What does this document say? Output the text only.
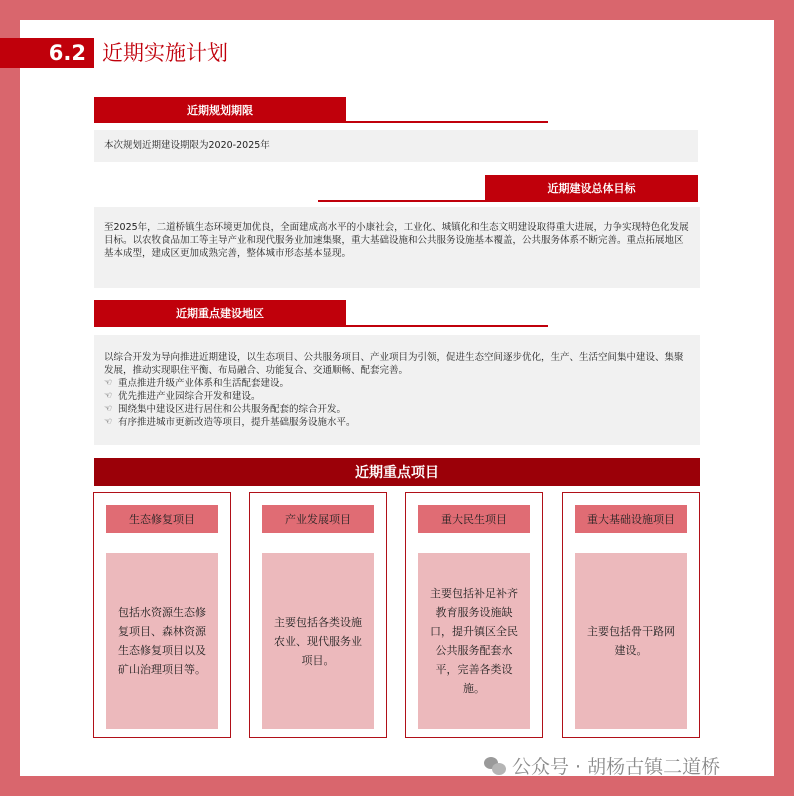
6.2 近期实施计划
近期规划期限
本次规划近期建设期限为2020-2025年
近期建设总体目标
至2025年，二道桥镇生态环境更加优良，全面建成高水平的小康社会，工业化、城镇化和生态文明建设取得重大进展，力争实现特色化发展目标。以农牧食品加工等主导产业和现代服务业加速集聚，重大基础设施和公共服务设施基本覆盖，公共服务体系不断完善。重点拓展地区基本成型，建成区更加成熟完善，整体城市形态基本显现。
近期重点建设地区
以综合开发为导向推进近期建设，以生态项目、公共服务项目、产业项目为引领，促进生态空间逐步优化，生产、生活空间集中建设、集聚发展，推动实现职住平衡、布局融合、功能复合、交通顺畅、配套完善。
☜ 重点推进升级产业体系和生活配套建设。
☜ 优先推进产业园综合开发和建设。
☜ 围绕集中建设区进行居住和公共服务配套的综合开发。
☜ 有序推进城市更新改造等项目，提升基础服务设施水平。
近期重点项目
生态修复项目
包括水资源生态修复项目、森林资源生态修复项目以及矿山治理项目等。
产业发展项目
主要包括各类设施农业、现代服务业项目。
重大民生项目
主要包括补足补齐教育服务设施缺口，提升镇区全民公共服务配套水平，完善各类设施。
重大基础设施项目
主要包括骨干路网建设。
公众号 · 胡杨古镇二道桥
